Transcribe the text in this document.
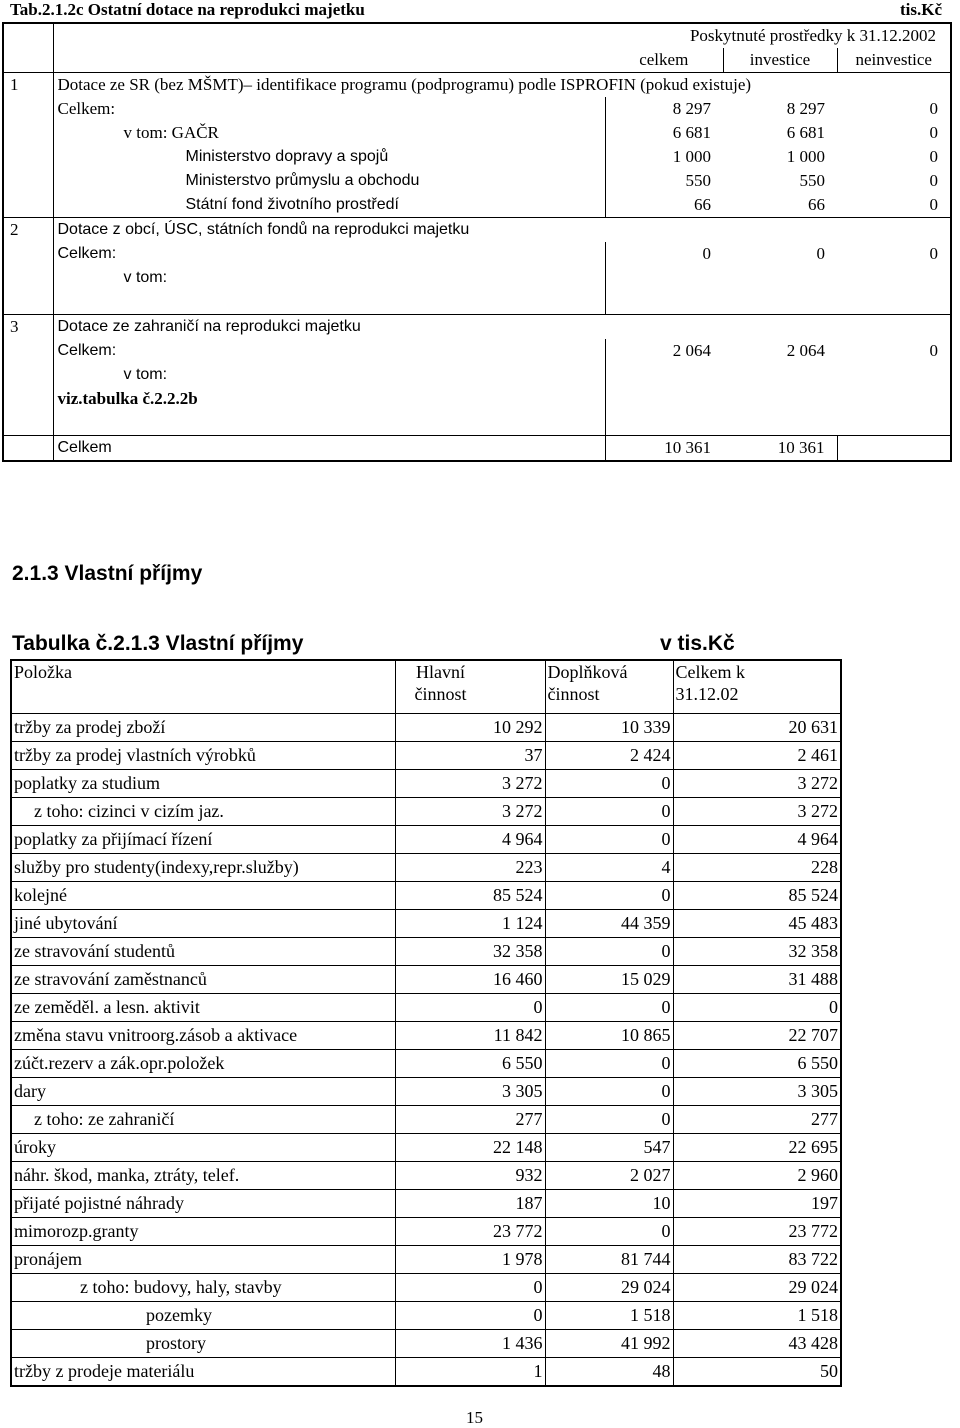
Tab.2.1.2c Ostatní dotace na reprodukci majetku	tis.Kč
		Poskytnuté prostředky k 31.12.2002		
		celkem	investice	neinvestice
1	Dotace ze SR (bez MŠMT)– identifikace programu (podprogramu) podle ISPROFIN (pokud existuje)			
	Celkem:	8 297	8 297	0
	v tom: GAČR	6 681	6 681	0
	Ministerstvo dopravy a spojů	1 000	1 000	0
	Ministerstvo průmyslu a obchodu	550	550	0
	Státní fond životního prostředí	66	66	0
2	Dotace z obcí, ÚSC, státních fondů na reprodukci majetku			
	Celkem:	0	0	0
	v tom:			

3	Dotace ze zahraničí na reprodukci majetku			
	Celkem:	2 064	2 064	0
	v tom:			
	viz.tabulka č.2.2.2b			

	Celkem	10 361	10 361	
2.1.3 Vlastní příjmy
Tabulka č.2.1.3 Vlastní příjmy	v tis.Kč
Položka	Hlavní činnost	Doplňková činnost	Celkem k 31.12.02

tržby za prodej zboží	10 292	10 339	20 631
tržby za prodej vlastních výrobků	37	2 424	2 461
poplatky za studium	3 272	0	3 272
z toho: cizinci v cizím jaz.	3 272	0	3 272
poplatky za přijímací řízení	4 964	0	4 964
služby pro studenty(indexy,repr.služby)	223	4	228
kolejné	85 524	0	85 524
jiné ubytování	1 124	44 359	45 483
ze stravování studentů	32 358	0	32 358
ze stravování zaměstnanců	16 460	15 029	31 488
ze zeměděl. a lesn. aktivit	0	0	0
změna stavu vnitroorg.zásob a aktivace	11 842	10 865	22 707
zúčt.rezerv a zák.opr.položek	6 550	0	6 550
dary	3 305	0	3 305
z toho: ze zahraničí	277	0	277
úroky	22 148	547	22 695
náhr. škod, manka, ztráty, telef.	932	2 027	2 960
přijaté pojistné náhrady	187	10	197
mimorozp.granty	23 772	0	23 772
pronájem	1 978	81 744	83 722
z toho: budovy, haly, stavby	0	29 024	29 024
pozemky	0	1 518	1 518
prostory	1 436	41 992	43 428
tržby z prodeje materiálu	1	48	50
15
